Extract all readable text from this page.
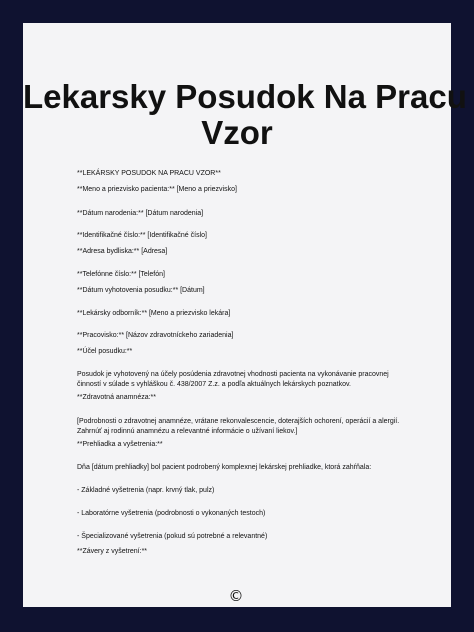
Lekarsky Posudok Na Pracu
Vzor
**LEKÁRSKY POSUDOK NA PRACU VZOR**
**Meno a priezvisko pacienta:** [Meno a priezvisko]
**Dátum narodenia:** [Dátum narodenia]
**Identifikačné číslo:** [Identifikačné číslo]
**Adresa bydliska:** [Adresa]
**Telefónne číslo:** [Telefón]
**Dátum vyhotovenia posudku:** [Dátum]
**Lekársky odborník:** [Meno a priezvisko lekára]
**Pracovisko:** [Názov zdravotníckeho zariadenia]
**Účel posudku:**
Posudok je vyhotovený na účely posúdenia zdravotnej vhodnosti pacienta na vykonávanie pracovnej činností v súlade s vyhláškou č. 438/2007 Z.z. a podľa aktuálnych lekárskych poznatkov.
**Zdravotná anamnéza:**
[Podrobnosti o zdravotnej anamnéze, vrátane rekonvalescencie, doterajších ochorení, operácií a alergií. Zahrnúť aj rodinnú anamnézu a relevantné informácie o užívaní liekov.]
**Prehliadka a vyšetrenia:**
Dňa [dátum prehliadky] bol pacient podrobený komplexnej lekárskej prehliadke, ktorá zahŕňala:
- Základné vyšetrenia (napr. krvný tlak, pulz)
- Laboratórne vyšetrenia (podrobnosti o vykonaných testoch)
- Špecializované vyšetrenia (pokud sú potrebné a relevantné)
**Závery z vyšetrení:**
©
